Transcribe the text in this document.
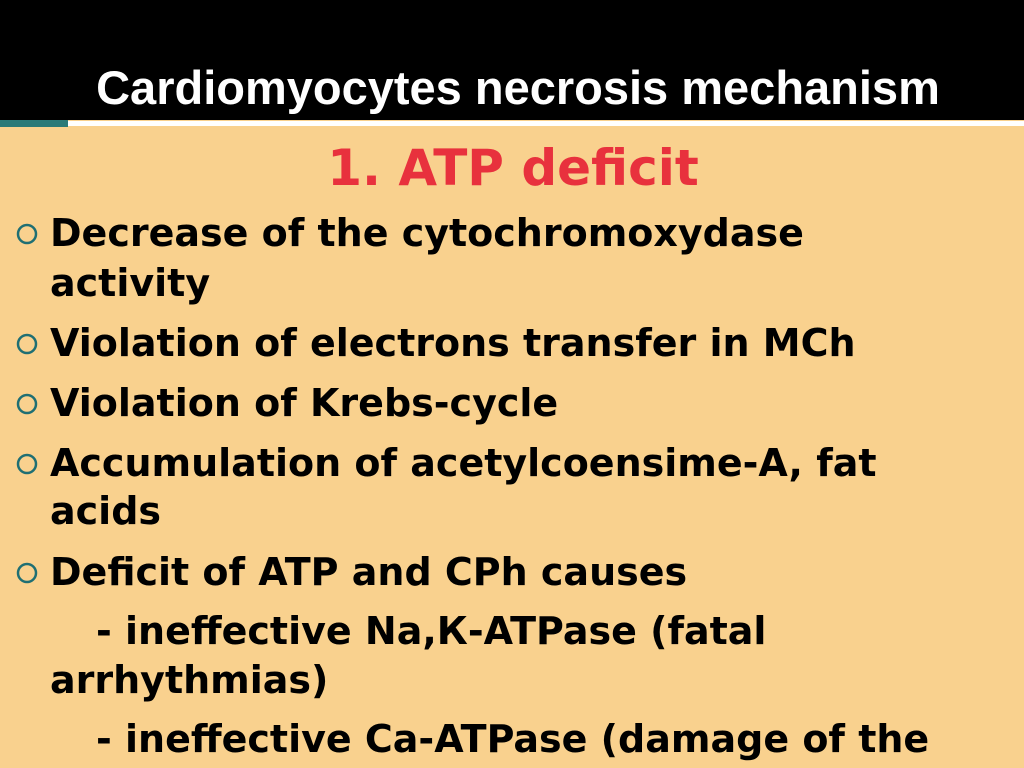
Cardiomyocytes necrosis mechanism
1. ATP deficit
Decrease of the cytochromoxydase
activity
Violation of electrons transfer in MCh
Violation of Krebs-cycle
Accumulation of acetylcoensime-A, fat
acids
Deficit of ATP and CPh causes
- ineffective Na,К-ATPase (fatal
arrhythmias)
- ineffective Ca-ATPase (damage of the
